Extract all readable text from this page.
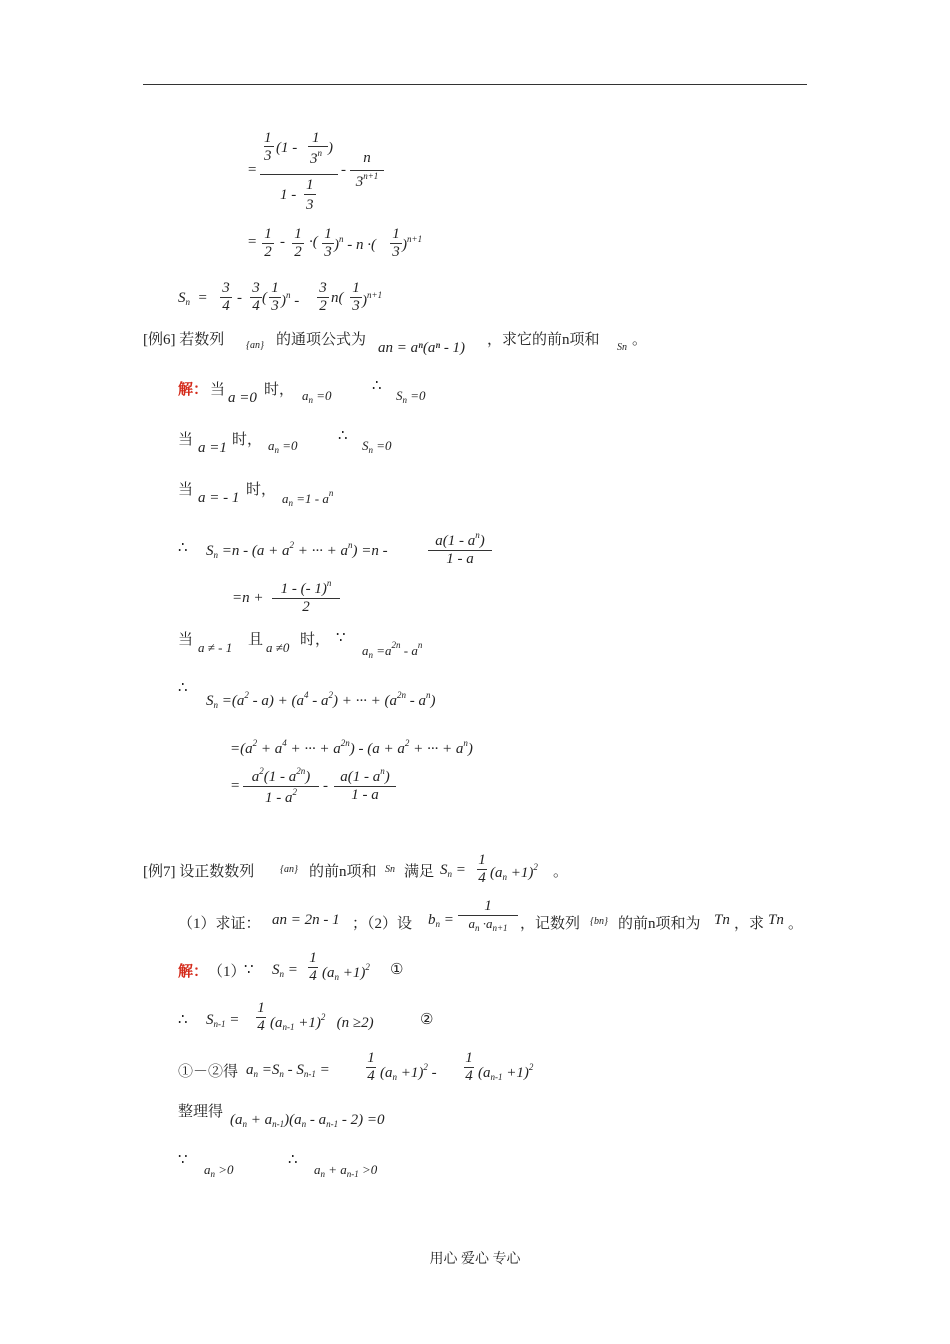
=
1
3 (1 -
1
3$^n$ )
1 -
1
3
-
n
$3^{n+1}$
= 1
2
- 1
2
·( 1
3 )$^n$ - n ·(
1
3 )$^{n+1}$
$S_n$  =
3
4 -
3
4 (
1
3 )$^n$ -
3
2 n(
1
3 )$^{n+1}$
[例6] 若数列 {an} 的通项公式为 an = aⁿ(aⁿ - 1) ，求它的前n项和 Sn 。
解： 当 a =0 时， $a_n =0$
∴
$S_n =0$
当 a =1 时， $a_n =0$
∴
$S_n =0$
当 a = - 1 时，
$a_n =1 - a^n$
∴ $S_n =n - (a + a^2$ + ··· + $a^n) =n$ -
$a(1 - a^n)$
1 - a
=n +
1 - (- 1)$^n$
2
当 a ≠ - 1 且 a ≠0 时， ∵
$a_n =a^{2n} - a^n$
∴
$S_n =(a^2 - a) + (a^4 - a^2)$ + ··· + $(a^{2n} - a^n)$
$=(a^2 + a^4$ + ··· + $a^{2n}) - (a + a^2$ + ··· + $a^n$)
=
$a^2(1 - a^{2n})$
$1 - a^2$	-
$a(1 - a^n)$
1 - a
[例7] 设正数数列	{an} 的前n项和 Sn 满足 $S_n$ =
1
4 $(a_n +1)^2$ 。
（1）求证： an = 2n - 1 ；（2）设 $b_n$ =
1
$a_n \cdot a_{n+1}$ ，记数列 {bn} 的前n项和为 Tn ，求 Tn 。
解： （1）
∵ $S_n$ =
1
4 $(a_n +1)^2$ ①
∴ $S_{n-1}$ =
1
4 $(a_{n-1} +1)^2$   (n ≥2)	②
①－②得 $a_n =S_n - S_{n-1}$ =
1
4 $(a_n +1)^2$ -
1
4 $(a_{n-1} +1)^2$
整理得 $(a_n + a_{n-1})(a_n - a_{n-1} - 2) =0$
∵
$a_n >0$
∴
$a_n + a_{n-1} >0$
用心 爱心 专心
